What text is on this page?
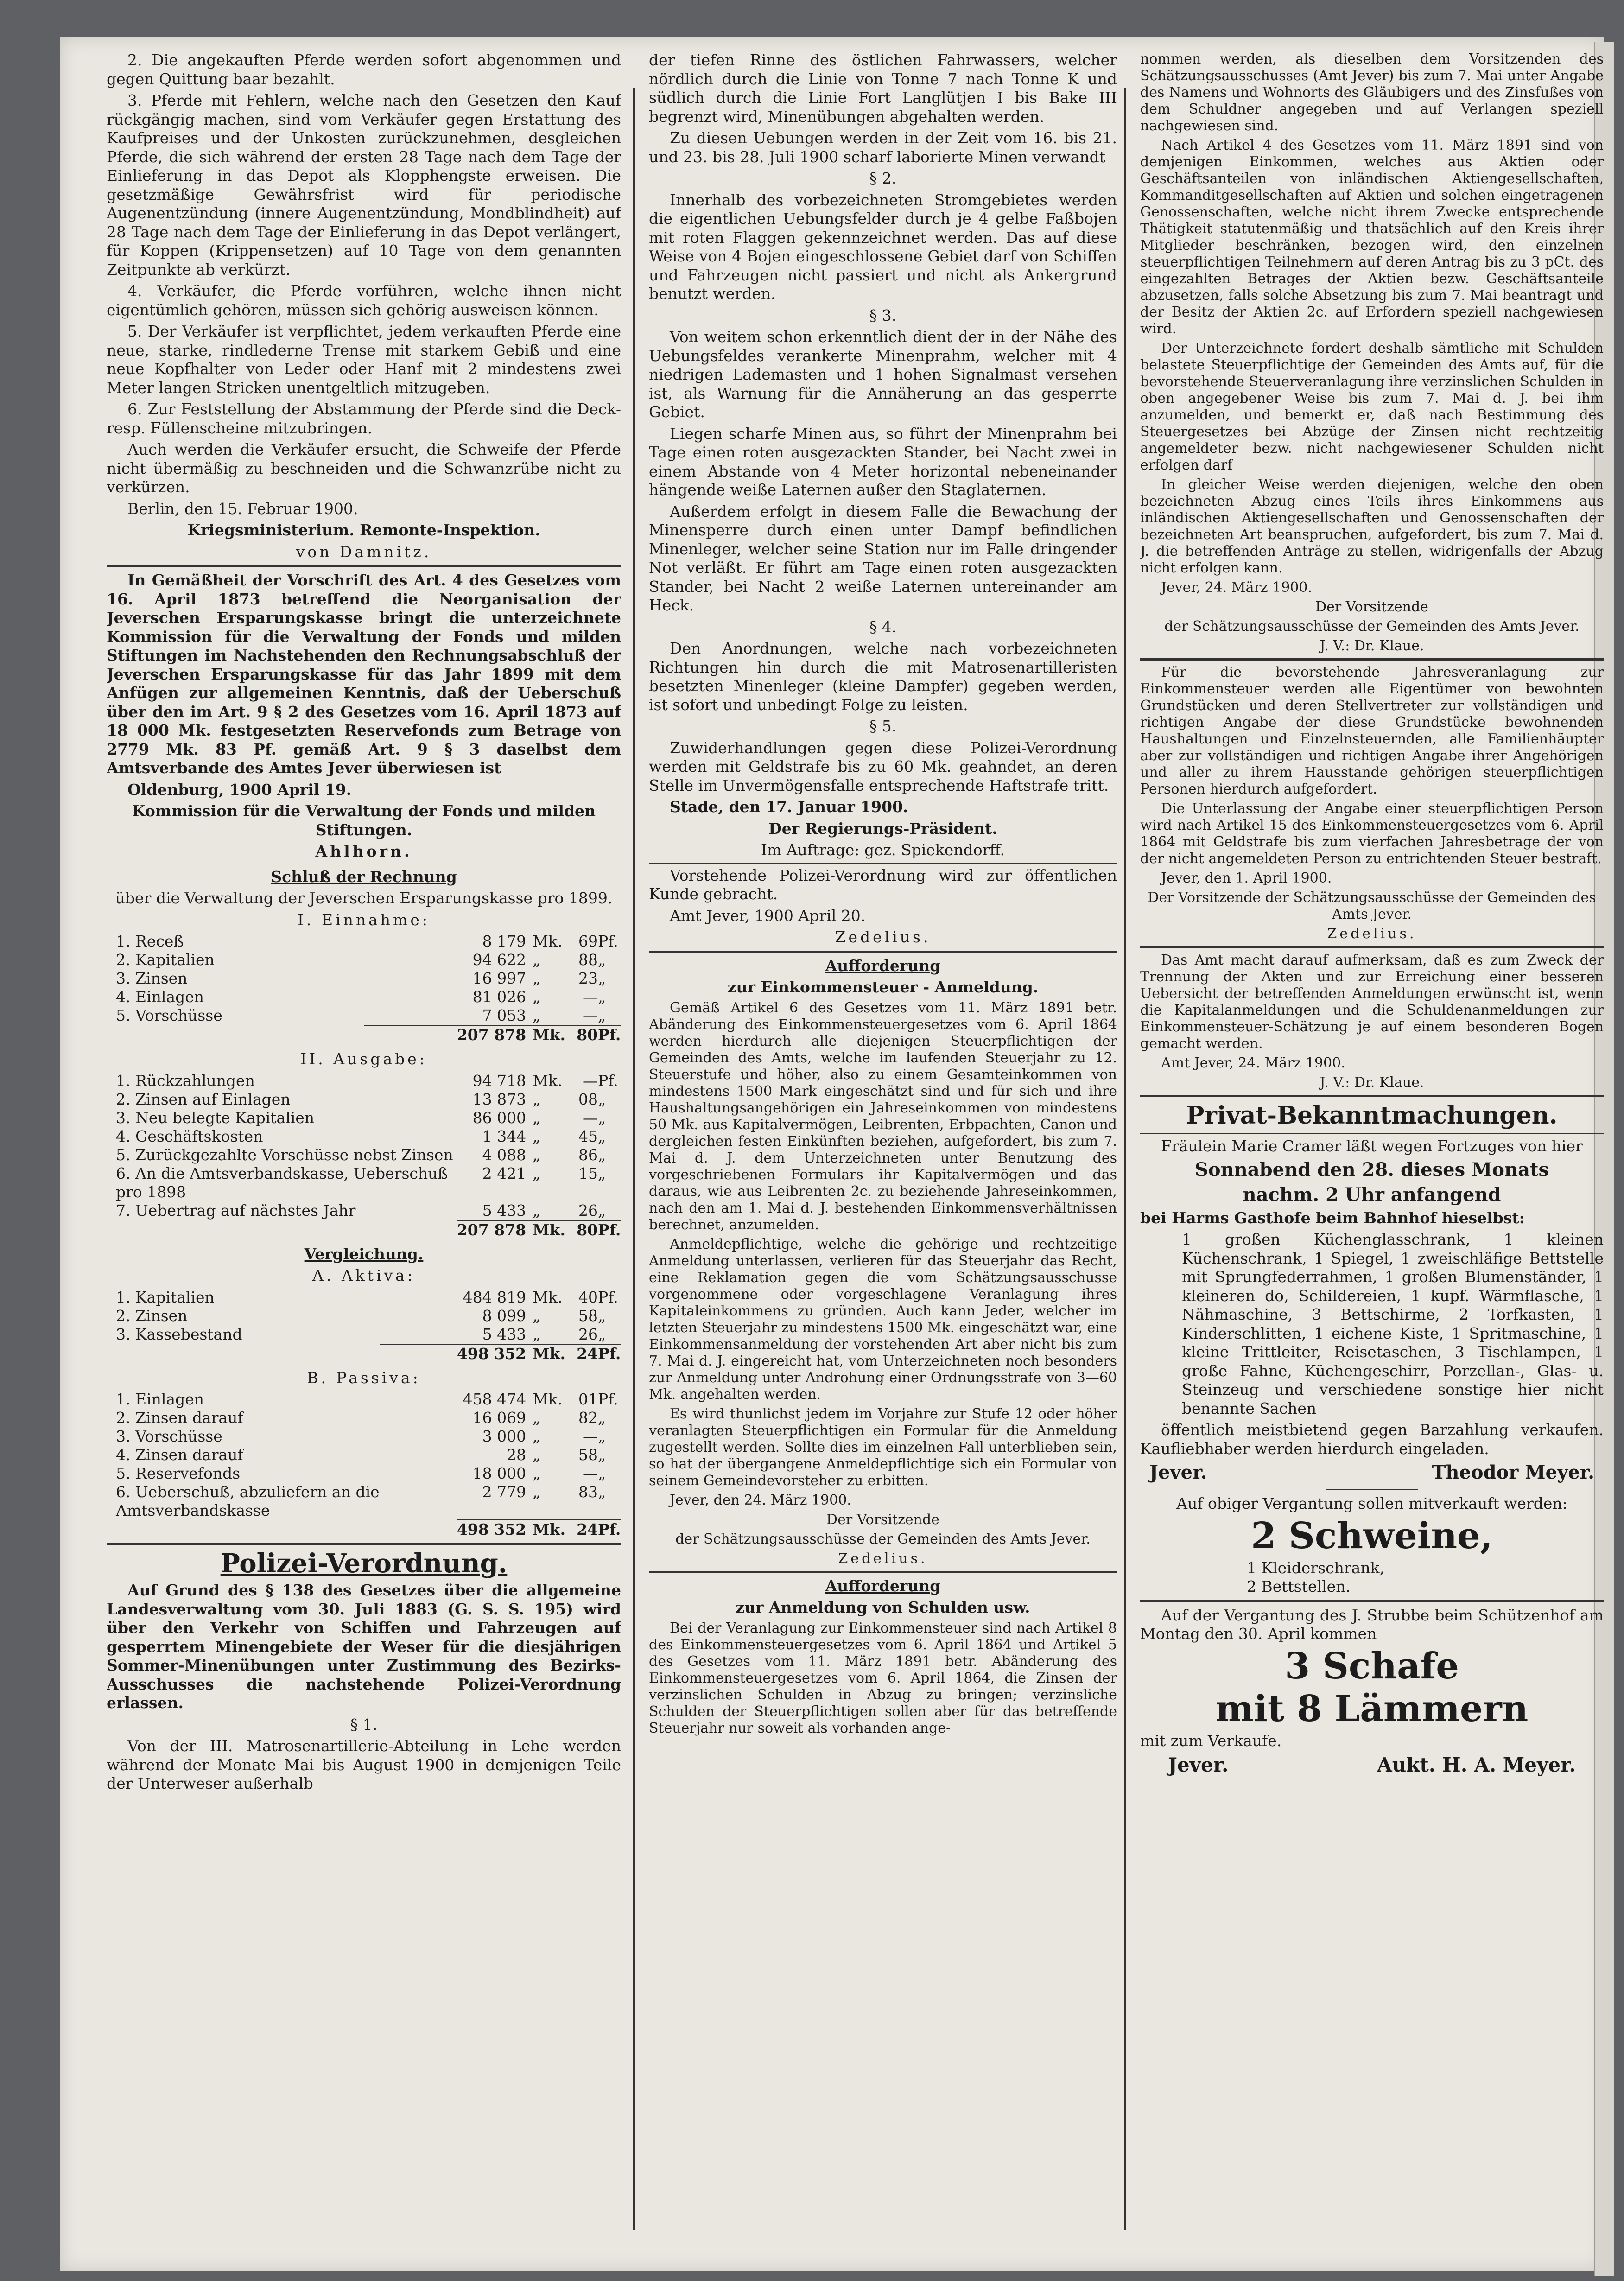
2. Die angekauften Pferde werden sofort abgenommen und gegen Quittung baar bezahlt.

3. Pferde mit Fehlern, welche nach den Gesetzen den Kauf rückgängig machen, sind vom Verkäufer gegen Erstattung des Kaufpreises und der Unkosten zurückzunehmen, desgleichen Pferde, die sich während der ersten 28 Tage nach dem Tage der Einlieferung in das Depot als Klopphengste erweisen. Die gesetzmäßige Gewährsfrist wird für periodische Augenentzündung (innere Augenentzündung, Mondblindheit) auf 28 Tage nach dem Tage der Einlieferung in das Depot verlängert, für Koppen (Krippensetzen) auf 10 Tage von dem genannten Zeitpunkte ab verkürzt.

4. Verkäufer, die Pferde vorführen, welche ihnen nicht eigentümlich gehören, müssen sich gehörig ausweisen können.

5. Der Verkäufer ist verpflichtet, jedem verkauften Pferde eine neue, starke, rindlederne Trense mit starkem Gebiß und eine neue Kopfhalter von Leder oder Hanf mit 2 mindestens zwei Meter langen Stricken unentgeltlich mitzugeben.

6. Zur Feststellung der Abstammung der Pferde sind die Deck- resp. Füllenscheine mitzubringen.

Auch werden die Verkäufer ersucht, die Schweife der Pferde nicht übermäßig zu beschneiden und die Schwanzrübe nicht zu verkürzen.

Berlin, den 15. Februar 1900.

Kriegsministerium. Remonte-Inspektion.

von Damnitz.

In Gemäßheit der Vorschrift des Art. 4 des Gesetzes vom 16. April 1873 betreffend die Neorganisation der Jeverschen Ersparungskasse bringt die unterzeichnete Kommission für die Verwaltung der Fonds und milden Stiftungen im Nachstehenden den Rechnungsabschluß der Jeverschen Ersparungskasse für das Jahr 1899 mit dem Anfügen zur allgemeinen Kenntnis, daß der Ueberschuß über den im Art. 9 § 2 des Gesetzes vom 16. April 1873 auf 18 000 Mk. festgesetzten Reservefonds zum Betrage von 2779 Mk. 83 Pf. gemäß Art. 9 § 3 daselbst dem Amtsverbande des Amtes Jever überwiesen ist

Oldenburg, 1900 April 19.

Kommission für die Verwaltung der Fonds und milden Stiftungen.

Ahlhorn.

Schluß der Rechnung

über die Verwaltung der Jeverschen Ersparungskasse pro 1899.

I. Einnahme:

1. Receß	8 179	Mk.	69	Pf.
2. Kapitalien	94 622	„	88	„
3. Zinsen	16 997	„	23	„
4. Einlagen	81 026	„	—	„
5. Vorschüsse	7 053	„	—	„
	207 878	Mk.	80	Pf.

II. Ausgabe:

1. Rückzahlungen	94 718	Mk.	—	Pf.
2. Zinsen auf Einlagen	13 873	„	08	„
3. Neu belegte Kapitalien	86 000	„	—	„
4. Geschäftskosten	1 344	„	45	„
5. Zurückgezahlte Vorschüsse nebst Zinsen	4 088	„	86	„
6. An die Amtsverbandskasse, Ueberschuß pro 1898	2 421	„	15	„
7. Uebertrag auf nächstes Jahr	5 433	„	26	„
	207 878	Mk.	80	Pf.

Vergleichung.

A. Aktiva:

1. Kapitalien	484 819	Mk.	40	Pf.
2. Zinsen	8 099	„	58	„
3. Kassebestand	5 433	„	26	„
	498 352	Mk.	24	Pf.

B. Passiva:

1. Einlagen	458 474	Mk.	01	Pf.
2. Zinsen darauf	16 069	„	82	„
3. Vorschüsse	3 000	„	—	„
4. Zinsen darauf	28	„	58	„
5. Reservefonds	18 000	„	—	„
6. Ueberschuß, abzuliefern an die Amtsverbandskasse	2 779	„	83	„
	498 352	Mk.	24	Pf.

Polizei-Verordnung.

Auf Grund des § 138 des Gesetzes über die allgemeine Landesverwaltung vom 30. Juli 1883 (G. S. S. 195) wird über den Verkehr von Schiffen und Fahrzeugen auf gesperrtem Minengebiete der Weser für die diesjährigen Sommer-Minenübungen unter Zustimmung des Bezirks-Ausschusses die nachstehende Polizei-Verordnung erlassen.

§ 1.

Von der III. Matrosenartillerie-Abteilung in Lehe werden während der Monate Mai bis August 1900 in demjenigen Teile der Unterweser außerhalb

der tiefen Rinne des östlichen Fahrwassers, welcher nördlich durch die Linie von Tonne 7 nach Tonne K und südlich durch die Linie Fort Langlütjen I bis Bake III begrenzt wird, Minenübungen abgehalten werden.

Zu diesen Uebungen werden in der Zeit vom 16. bis 21. und 23. bis 28. Juli 1900 scharf laborierte Minen verwandt

§ 2.

Innerhalb des vorbezeichneten Stromgebietes werden die eigentlichen Uebungsfelder durch je 4 gelbe Faßbojen mit roten Flaggen gekennzeichnet werden. Das auf diese Weise von 4 Bojen eingeschlossene Gebiet darf von Schiffen und Fahrzeugen nicht passiert und nicht als Ankergrund benutzt werden.

§ 3.

Von weitem schon erkenntlich dient der in der Nähe des Uebungsfeldes verankerte Minenprahm, welcher mit 4 niedrigen Lademasten und 1 hohen Signalmast versehen ist, als Warnung für die Annäherung an das gesperrte Gebiet.

Liegen scharfe Minen aus, so führt der Minenprahm bei Tage einen roten ausgezackten Stander, bei Nacht zwei in einem Abstande von 4 Meter horizontal nebeneinander hängende weiße Laternen außer den Staglaternen.

Außerdem erfolgt in diesem Falle die Bewachung der Minensperre durch einen unter Dampf befindlichen Minenleger, welcher seine Station nur im Falle dringender Not verläßt. Er führt am Tage einen roten ausgezackten Stander, bei Nacht 2 weiße Laternen untereinander am Heck.

§ 4.

Den Anordnungen, welche nach vorbezeichneten Richtungen hin durch die mit Matrosenartilleristen besetzten Minenleger (kleine Dampfer) gegeben werden, ist sofort und unbedingt Folge zu leisten.

§ 5.

Zuwiderhandlungen gegen diese Polizei-Verordnung werden mit Geldstrafe bis zu 60 Mk. geahndet, an deren Stelle im Unvermögensfalle entsprechende Haftstrafe tritt.

Stade, den 17. Januar 1900.

Der Regierungs-Präsident.

Im Auftrage: gez. Spiekendorff.

Vorstehende Polizei-Verordnung wird zur öffentlichen Kunde gebracht.

Amt Jever, 1900 April 20.

Zedelius.

Aufforderung

zur Einkommensteuer - Anmeldung.

Gemäß Artikel 6 des Gesetzes vom 11. März 1891 betr. Abänderung des Einkommensteuergesetzes vom 6. April 1864 werden hierdurch alle diejenigen Steuerpflichtigen der Gemeinden des Amts, welche im laufenden Steuerjahr zu 12. Steuerstufe und höher, also zu einem Gesamteinkommen von mindestens 1500 Mark eingeschätzt sind und für sich und ihre Haushaltungsangehörigen ein Jahreseinkommen von mindestens 50 Mk. aus Kapitalvermögen, Leibrenten, Erbpachten, Canon und dergleichen festen Einkünften beziehen, aufgefordert, bis zum 7. Mai d. J. dem Unterzeichneten unter Benutzung des vorgeschriebenen Formulars ihr Kapitalvermögen und das daraus, wie aus Leibrenten 2c. zu beziehende Jahreseinkommen, nach den am 1. Mai d. J. bestehenden Einkommensverhältnissen berechnet, anzumelden.

Anmeldepflichtige, welche die gehörige und rechtzeitige Anmeldung unterlassen, verlieren für das Steuerjahr das Recht, eine Reklamation gegen die vom Schätzungsausschusse vorgenommene oder vorgeschlagene Veranlagung ihres Kapitaleinkommens zu gründen. Auch kann Jeder, welcher im letzten Steuerjahr zu mindestens 1500 Mk. eingeschätzt war, eine Einkommensanmeldung der vorstehenden Art aber nicht bis zum 7. Mai d. J. eingereicht hat, vom Unterzeichneten noch besonders zur Anmeldung unter Androhung einer Ordnungsstrafe von 3—60 Mk. angehalten werden.

Es wird thunlichst jedem im Vorjahre zur Stufe 12 oder höher veranlagten Steuerpflichtigen ein Formular für die Anmeldung zugestellt werden. Sollte dies im einzelnen Fall unterblieben sein, so hat der übergangene Anmeldepflichtige sich ein Formular von seinem Gemeindevorsteher zu erbitten.

Jever, den 24. März 1900.

Der Vorsitzende

der Schätzungsausschüsse der Gemeinden des Amts Jever.

Zedelius.

Aufforderung

zur Anmeldung von Schulden usw.

Bei der Veranlagung zur Einkommensteuer sind nach Artikel 8 des Einkommensteuergesetzes vom 6. April 1864 und Artikel 5 des Gesetzes vom 11. März 1891 betr. Abänderung des Einkommensteuergesetzes vom 6. April 1864, die Zinsen der verzinslichen Schulden in Abzug zu bringen; verzinsliche Schulden der Steuerpflichtigen sollen aber für das betreffende Steuerjahr nur soweit als vorhanden ange-

nommen werden, als dieselben dem Vorsitzenden des Schätzungsausschusses (Amt Jever) bis zum 7. Mai unter Angabe des Namens und Wohnorts des Gläubigers und des Zinsfußes von dem Schuldner angegeben und auf Verlangen speziell nachgewiesen sind.

Nach Artikel 4 des Gesetzes vom 11. März 1891 sind von demjenigen Einkommen, welches aus Aktien oder Geschäftsanteilen von inländischen Aktiengesellschaften, Kommanditgesellschaften auf Aktien und solchen eingetragenen Genossenschaften, welche nicht ihrem Zwecke entsprechende Thätigkeit statutenmäßig und thatsächlich auf den Kreis ihrer Mitglieder beschränken, bezogen wird, den einzelnen steuerpflichtigen Teilnehmern auf deren Antrag bis zu 3 pCt. des eingezahlten Betrages der Aktien bezw. Geschäftsanteile abzusetzen, falls solche Absetzung bis zum 7. Mai beantragt und der Besitz der Aktien 2c. auf Erfordern speziell nachgewiesen wird.

Der Unterzeichnete fordert deshalb sämtliche mit Schulden belastete Steuerpflichtige der Gemeinden des Amts auf, für die bevorstehende Steuerveranlagung ihre verzinslichen Schulden in oben angegebener Weise bis zum 7. Mai d. J. bei ihm anzumelden, und bemerkt er, daß nach Bestimmung des Steuergesetzes bei Abzüge der Zinsen nicht rechtzeitig angemeldeter bezw. nicht nachgewiesener Schulden nicht erfolgen darf

In gleicher Weise werden diejenigen, welche den oben bezeichneten Abzug eines Teils ihres Einkommens aus inländischen Aktiengesellschaften und Genossenschaften der bezeichneten Art beanspruchen, aufgefordert, bis zum 7. Mai d. J. die betreffenden Anträge zu stellen, widrigenfalls der Abzug nicht erfolgen kann.

Jever, 24. März 1900.

Der Vorsitzende

der Schätzungsausschüsse der Gemeinden des Amts Jever.

J. V.: Dr. Klaue.

Für die bevorstehende Jahresveranlagung zur Einkommensteuer werden alle Eigentümer von bewohnten Grundstücken und deren Stellvertreter zur vollständigen und richtigen Angabe der diese Grundstücke bewohnenden Haushaltungen und Einzelnsteuernden, alle Familienhäupter aber zur vollständigen und richtigen Angabe ihrer Angehörigen und aller zu ihrem Hausstande gehörigen steuerpflichtigen Personen hierdurch aufgefordert.

Die Unterlassung der Angabe einer steuerpflichtigen Person wird nach Artikel 15 des Einkommensteuergesetzes vom 6. April 1864 mit Geldstrafe bis zum vierfachen Jahresbetrage der von der nicht angemeldeten Person zu entrichtenden Steuer bestraft.

Jever, den 1. April 1900.

Der Vorsitzende der Schätzungsausschüsse der Gemeinden des Amts Jever.

Zedelius.

Das Amt macht darauf aufmerksam, daß es zum Zweck der Trennung der Akten und zur Erreichung einer besseren Uebersicht der betreffenden Anmeldungen erwünscht ist, wenn die Kapitalanmeldungen und die Schuldenanmeldungen zur Einkommensteuer-Schätzung je auf einem besonderen Bogen gemacht werden.

Amt Jever, 24. März 1900.

J. V.: Dr. Klaue.

Privat-Bekanntmachungen.

Fräulein Marie Cramer läßt wegen Fortzuges von hier

Sonnabend den 28. dieses Monats

nachm. 2 Uhr anfangend

bei Harms Gasthofe beim Bahnhof hieselbst:

1 großen Küchenglasschrank, 1 kleinen Küchenschrank, 1 Spiegel, 1 zweischläfige Bettstelle mit Sprungfederrahmen, 1 großen Blumenständer, 1 kleineren do, Schildereien, 1 kupf. Wärmflasche, 1 Nähmaschine, 3 Bettschirme, 2 Torfkasten, 1 Kinderschlitten, 1 eichene Kiste, 1 Spritmaschine, 1 kleine Trittleiter, Reisetaschen, 3 Tischlampen, 1 große Fahne, Küchengeschirr, Porzellan-, Glas- u. Steinzeug und verschiedene sonstige hier nicht benannte Sachen

öffentlich meistbietend gegen Barzahlung verkaufen. Kaufliebhaber werden hierdurch eingeladen.

Jever.	Theodor Meyer.

Auf obiger Vergantung sollen mitverkauft werden:

2 Schweine,

1 Kleiderschrank,

2 Bettstellen.

Auf der Vergantung des J. Strubbe beim Schützenhof am Montag den 30. April kommen

3 Schafe

mit 8 Lämmern

mit zum Verkaufe.

Jever.	Aukt. H. A. Meyer.
